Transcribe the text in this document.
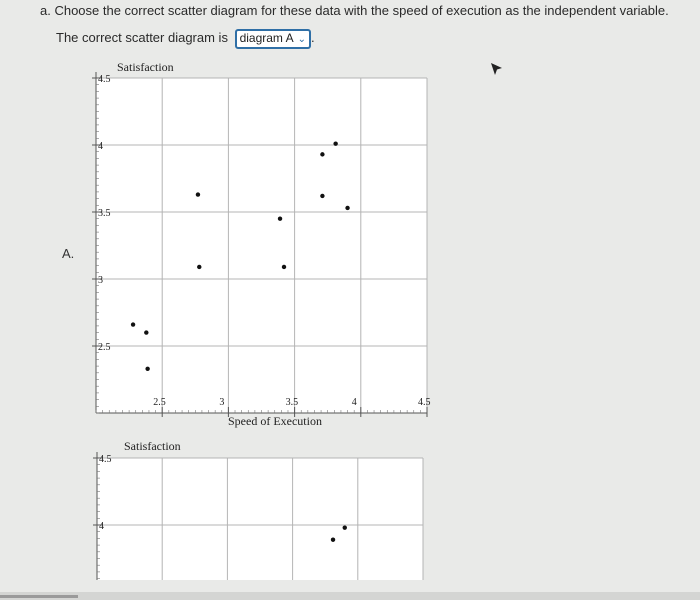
a. Choose the correct scatter diagram for these data with the speed of execution as the independent variable.
The correct scatter diagram is diagram A ⌄ .
A.
4.5
4
3.5
3
2.5
2.5	3	3.5	4	4.5
Satisfaction
Speed of Execution
4.5
4
Satisfaction
